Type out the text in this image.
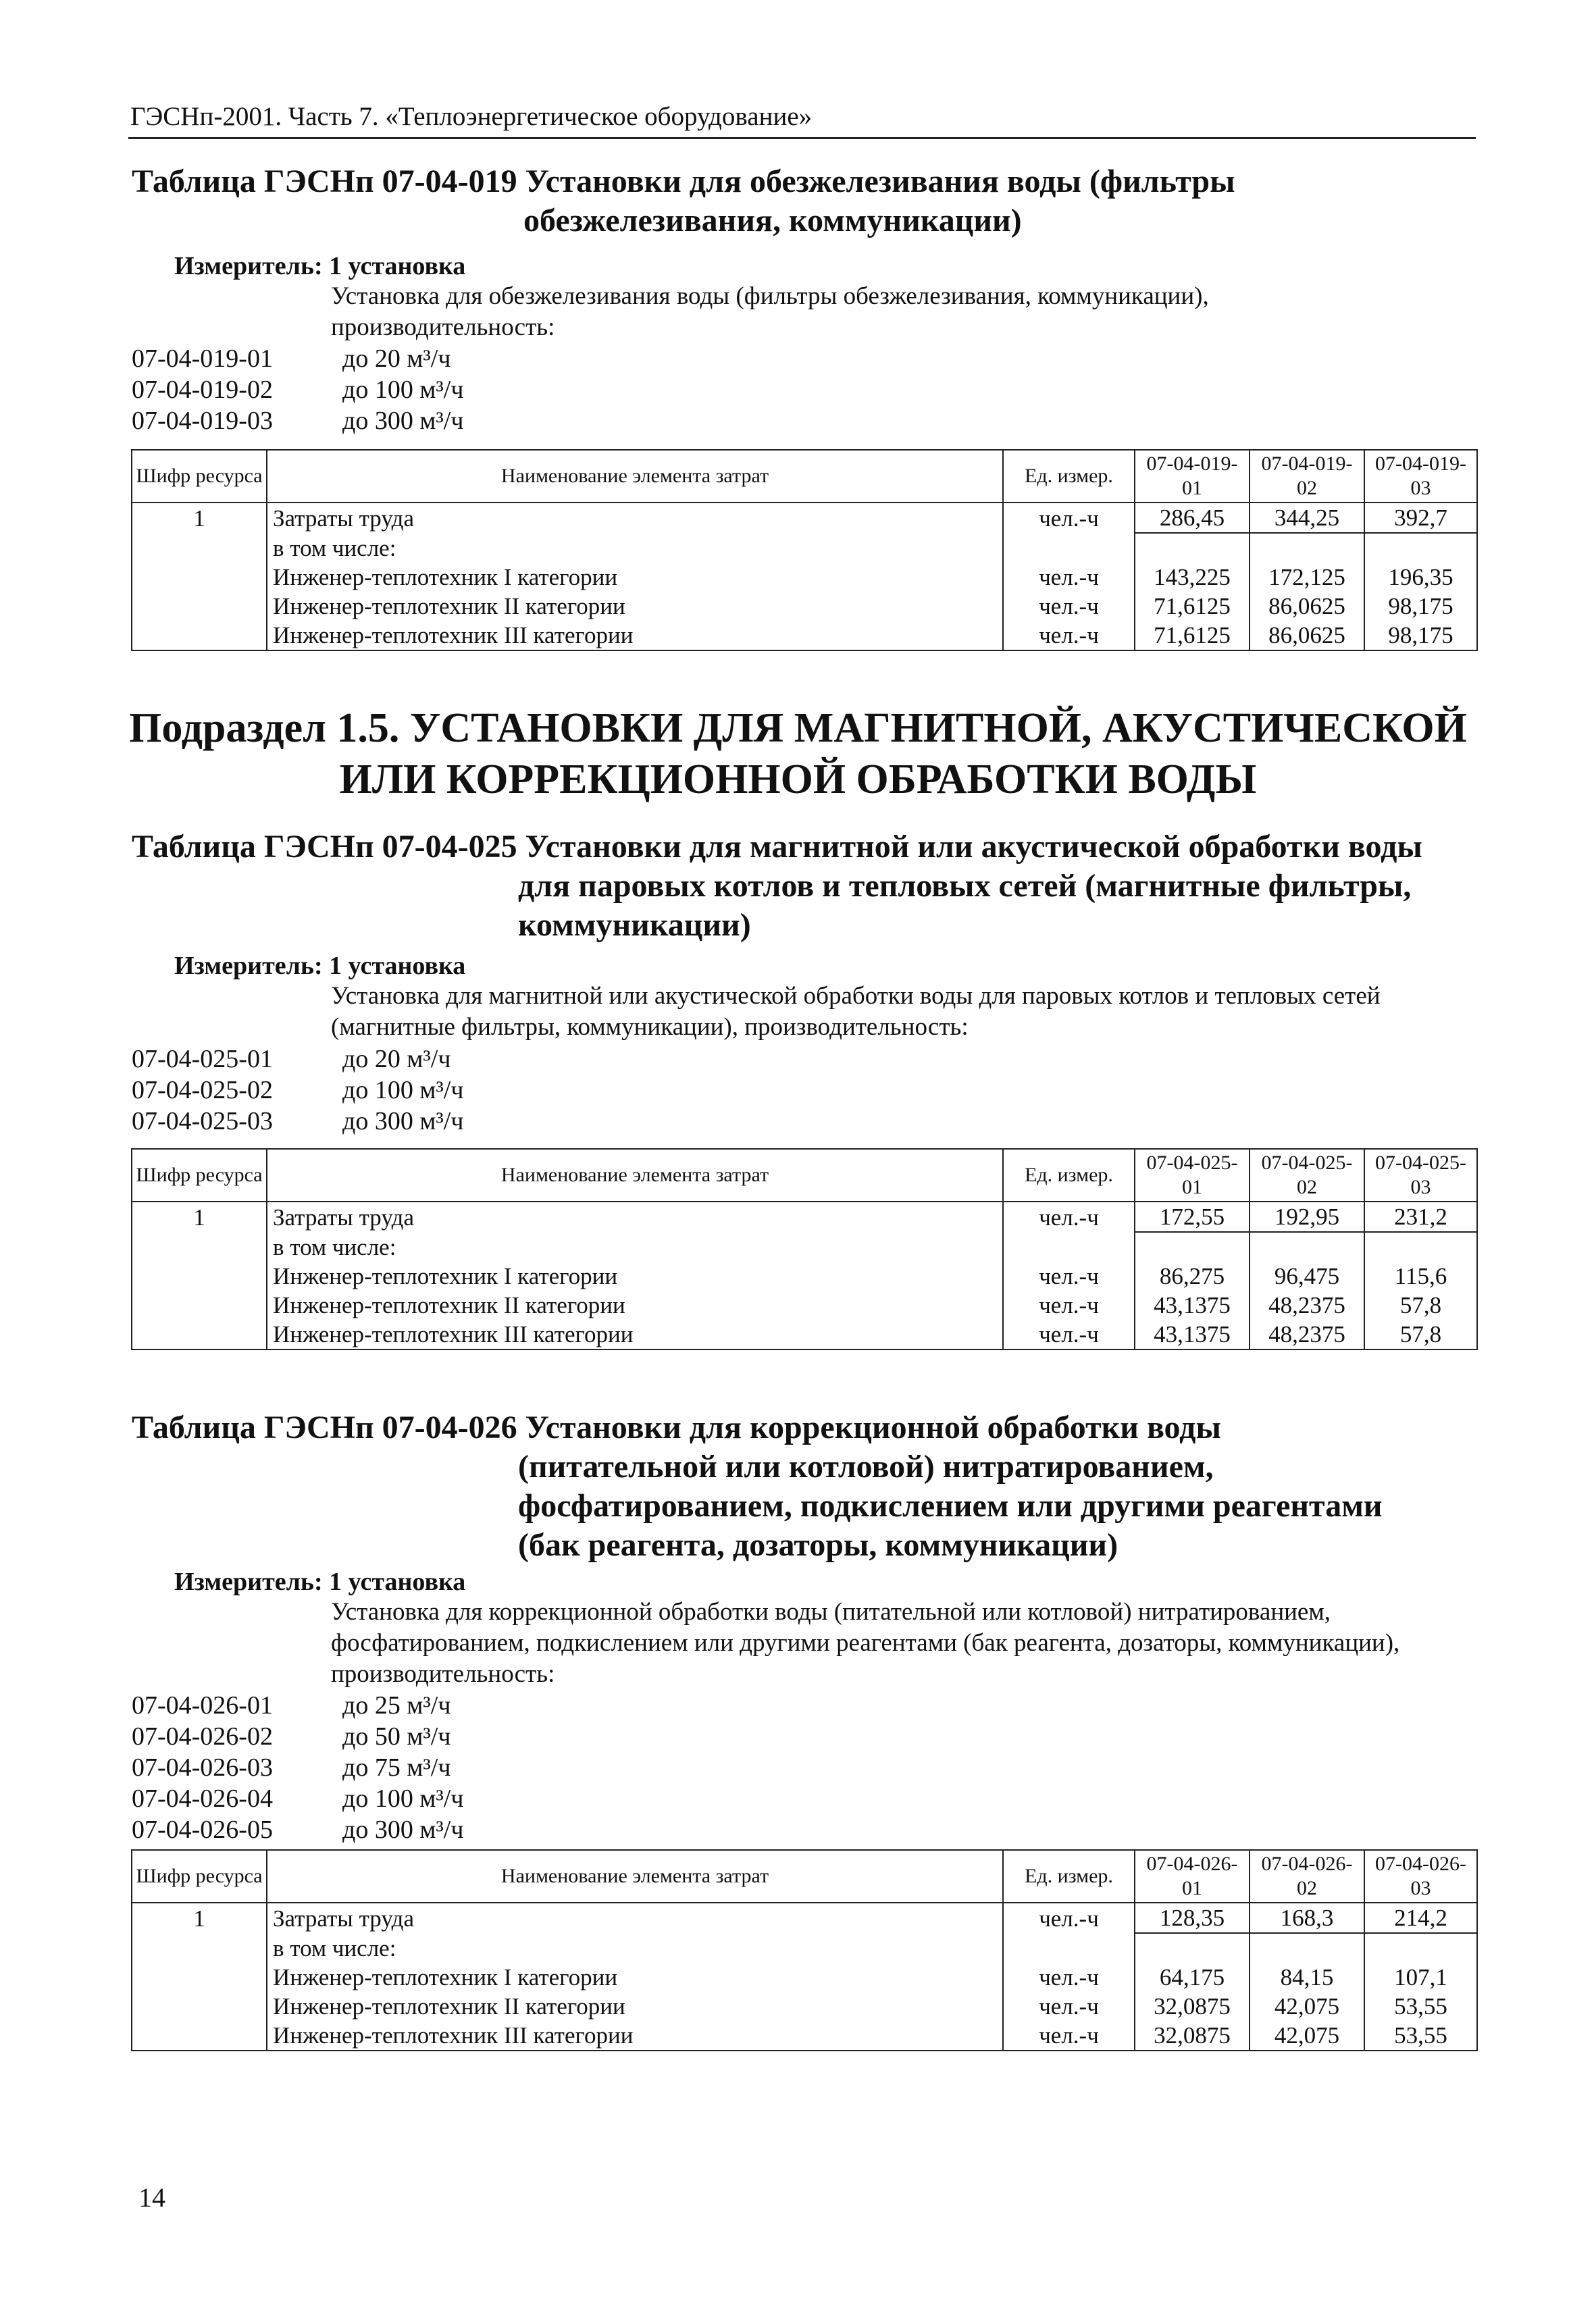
ГЭСНп-2001. Часть 7. «Теплоэнергетическое оборудование»
Таблица ГЭСНп 07-04-019 Установки для обезжелезивания воды (фильтры
обезжелезивания, коммуникации)
Измеритель: 1 установка
Установка для обезжелезивания воды (фильтры обезжелезивания, коммуникации), производительность:
07-04-019-01	до 20 м³/ч
07-04-019-02	до 100 м³/ч
07-04-019-03	до 300 м³/ч
Шифр ресурса	Наименование элемента затрат	Ед. измер.	07-04-019-01	07-04-019-02	07-04-019-03
1	Затраты труда	чел.-ч	286,45	344,25	392,7
	в том числе:				
	Инженер-теплотехник I категории	чел.-ч	143,225	172,125	196,35
	Инженер-теплотехник II категории	чел.-ч	71,6125	86,0625	98,175
	Инженер-теплотехник III категории	чел.-ч	71,6125	86,0625	98,175
Подраздел 1.5. УСТАНОВКИ ДЛЯ МАГНИТНОЙ, АКУСТИЧЕСКОЙ
ИЛИ КОРРЕКЦИОННОЙ ОБРАБОТКИ ВОДЫ
Таблица ГЭСНп 07-04-025 Установки для магнитной или акустической обработки воды
для паровых котлов и тепловых сетей (магнитные фильтры,
коммуникации)
Измеритель: 1 установка
Установка для магнитной или акустической обработки воды для паровых котлов и тепловых сетей (магнитные фильтры, коммуникации), производительность:
07-04-025-01	до 20 м³/ч
07-04-025-02	до 100 м³/ч
07-04-025-03	до 300 м³/ч
Шифр ресурса	Наименование элемента затрат	Ед. измер.	07-04-025-01	07-04-025-02	07-04-025-03
1	Затраты труда	чел.-ч	172,55	192,95	231,2
	в том числе:				
	Инженер-теплотехник I категории	чел.-ч	86,275	96,475	115,6
	Инженер-теплотехник II категории	чел.-ч	43,1375	48,2375	57,8
	Инженер-теплотехник III категории	чел.-ч	43,1375	48,2375	57,8
Таблица ГЭСНп 07-04-026 Установки для коррекционной обработки воды
(питательной или котловой) нитратированием,
фосфатированием, подкислением или другими реагентами
(бак реагента, дозаторы, коммуникации)
Измеритель: 1 установка
Установка для коррекционной обработки воды (питательной или котловой) нитратированием, фосфатированием, подкислением или другими реагентами (бак реагента, дозаторы, коммуникации), производительность:
07-04-026-01	до 25 м³/ч
07-04-026-02	до 50 м³/ч
07-04-026-03	до 75 м³/ч
07-04-026-04	до 100 м³/ч
07-04-026-05	до 300 м³/ч
Шифр ресурса	Наименование элемента затрат	Ед. измер.	07-04-026-01	07-04-026-02	07-04-026-03
1	Затраты труда	чел.-ч	128,35	168,3	214,2
	в том числе:				
	Инженер-теплотехник I категории	чел.-ч	64,175	84,15	107,1
	Инженер-теплотехник II категории	чел.-ч	32,0875	42,075	53,55
	Инженер-теплотехник III категории	чел.-ч	32,0875	42,075	53,55
14
